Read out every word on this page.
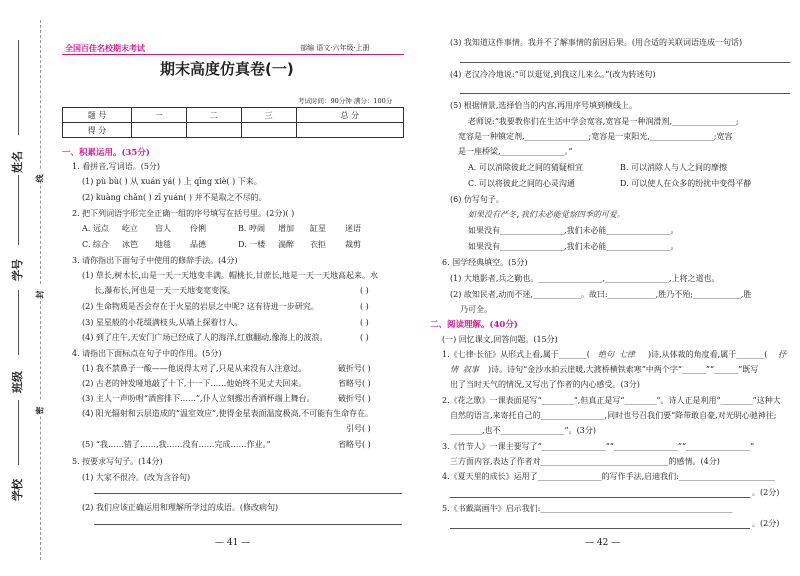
姓名
学号
班级
学校
线
封
密
全国百佳名校期末考试	部编 语文·六年级·上册
期末高度仿真卷(一)
考试时间：90分钟 满分：100分
题 号	一	二	三	总 分
得 分				
一、积累运用。(35分)
1. 看拼音,写词语。(5分)
(1) pù bù( ) 从 xuán yá( ) 上 qīng xiè( ) 下来。
(2) kuàng chǎn( ) zī yuán( ) 并不是取之不尽的。
2. 把下列词语字形完全正确一组的序号填写在括号里。(2分)( )
A. 远点 屹立 盲人 伶俐	B. 哼闹 增加 缸星 迷语
C. 综合 冰笆 地毯 品德	D. 一楼 湍醉 衣拒 裁剪
3. 请你指出下面句子中使用的修辞手法。(4分)
(1) 草长,树木长,山是一天一天地变丰满。帽桃长,甘蔗长,地是一天一天地高起来。水
长,瀑布长,河也是一天一天地变宽变深。	( )
(2) 生命物质是否会存在于火星的岩层之中呢? 这有待进一步研究。	( )
(3) 星星般的小花缀满枝头,从墙上探着行人。	( )
(4) 到了庄午,天安门广场已经成了人的海洋,红旗翻动,像海上的波浪。	( )
4. 请指出下面标点在句子中的作用。(5分)
(1) 我不禁鼻子一酸——他说得太对了,只是从来没有人注意过。	破折号( )
(2) 古老的钟发哑地敲了十下,十一下……他始终不见丈夫回来。	省略号( )
(3) 主人一声吩咐“酒窖排下……”,仆人立刻搬出香酒杯端上舞台。	破折号( )
(4) 阳光辐射和云层造成的“温室效应”,使得金星表面温度极高,不可能有生命存在。
引号( )
(5) “我……错了……,我……没有……完成……作业。”	省略号( )
5. 按要求写句子。(14分)
(1) 大家不很冷。(改为含谷句)
(2) 我们应该正确运用和理解所学过的成语。(修改病句)
— 41 —
(3) 我知道这件事情。我并不了解事情的前因后果。(用合适的关联词语连成一句话)
(4) 老汉冷冷地说:“可以逛觉,到我这儿来么。”(改为转述句)
(5) 根据情景,选择恰当的内容,再用序号填到横线上。
老师说:“我要教你们在生活中学会宽容,宽容是一种润滑剂,________________;
宽容是一种镇定剂,________________;宽容是一束阳光,________________;宽容
是一座桥梁,________________。”
A. 可以消除彼此之间的猜疑相宜	B. 可以消除人与人之间的摩擦
C. 可以将彼此之间的心灵沟通	D. 可以使人在众多的纷扰中变得平静
(6) 仿写句子。
如果没有严冬,我们未必能觉察四季的可爱。
如果没有________________,我们未必能________________。
如果没有________________,我们未必能________________。
6. 国学经典填空。(5分)
(1) 大地影者,兵之勤也。________________,________________,上将之道也。
(2) 故知民者,动而不迷,____________。故曰:____________,胜乃不殆;____________,胜
乃可全。
二、阅读理解。(40分)
(一) 回忆课文,回答问题。(15分)
1.《七律·长征》从形式上看,属于_______( 绝句 七律 )诗,从体裁的角度看,属于_______( 抒
情 叙事 )诗。诗句“金沙水拍云崖暖,大渡桥横铁索寒”中两个字“______”“______”既写
出了当时天气的情况,又写出了作者的内心感受。(3分)
2.《花之歌》一课表面是写“________”,但真正是写“________”。诗人正是利用“________”这种大
自然的语言,来寄托自己的________________,同时也号召我们要“降带敢自豪,对光明心驰神往;
________,也不________________”。(3分)
3.《竹节人》一课主要写了“________________”“________________”“________________”
三方面内容,表达了作者对________________________________的感情。(4分)
4.《夏天里的成长》运用了________________的写作手法,启迪我们:________________________
。(2分)
5.《书戴嵩画牛》启示我们:________________________________________________
。(2分)
— 42 —
